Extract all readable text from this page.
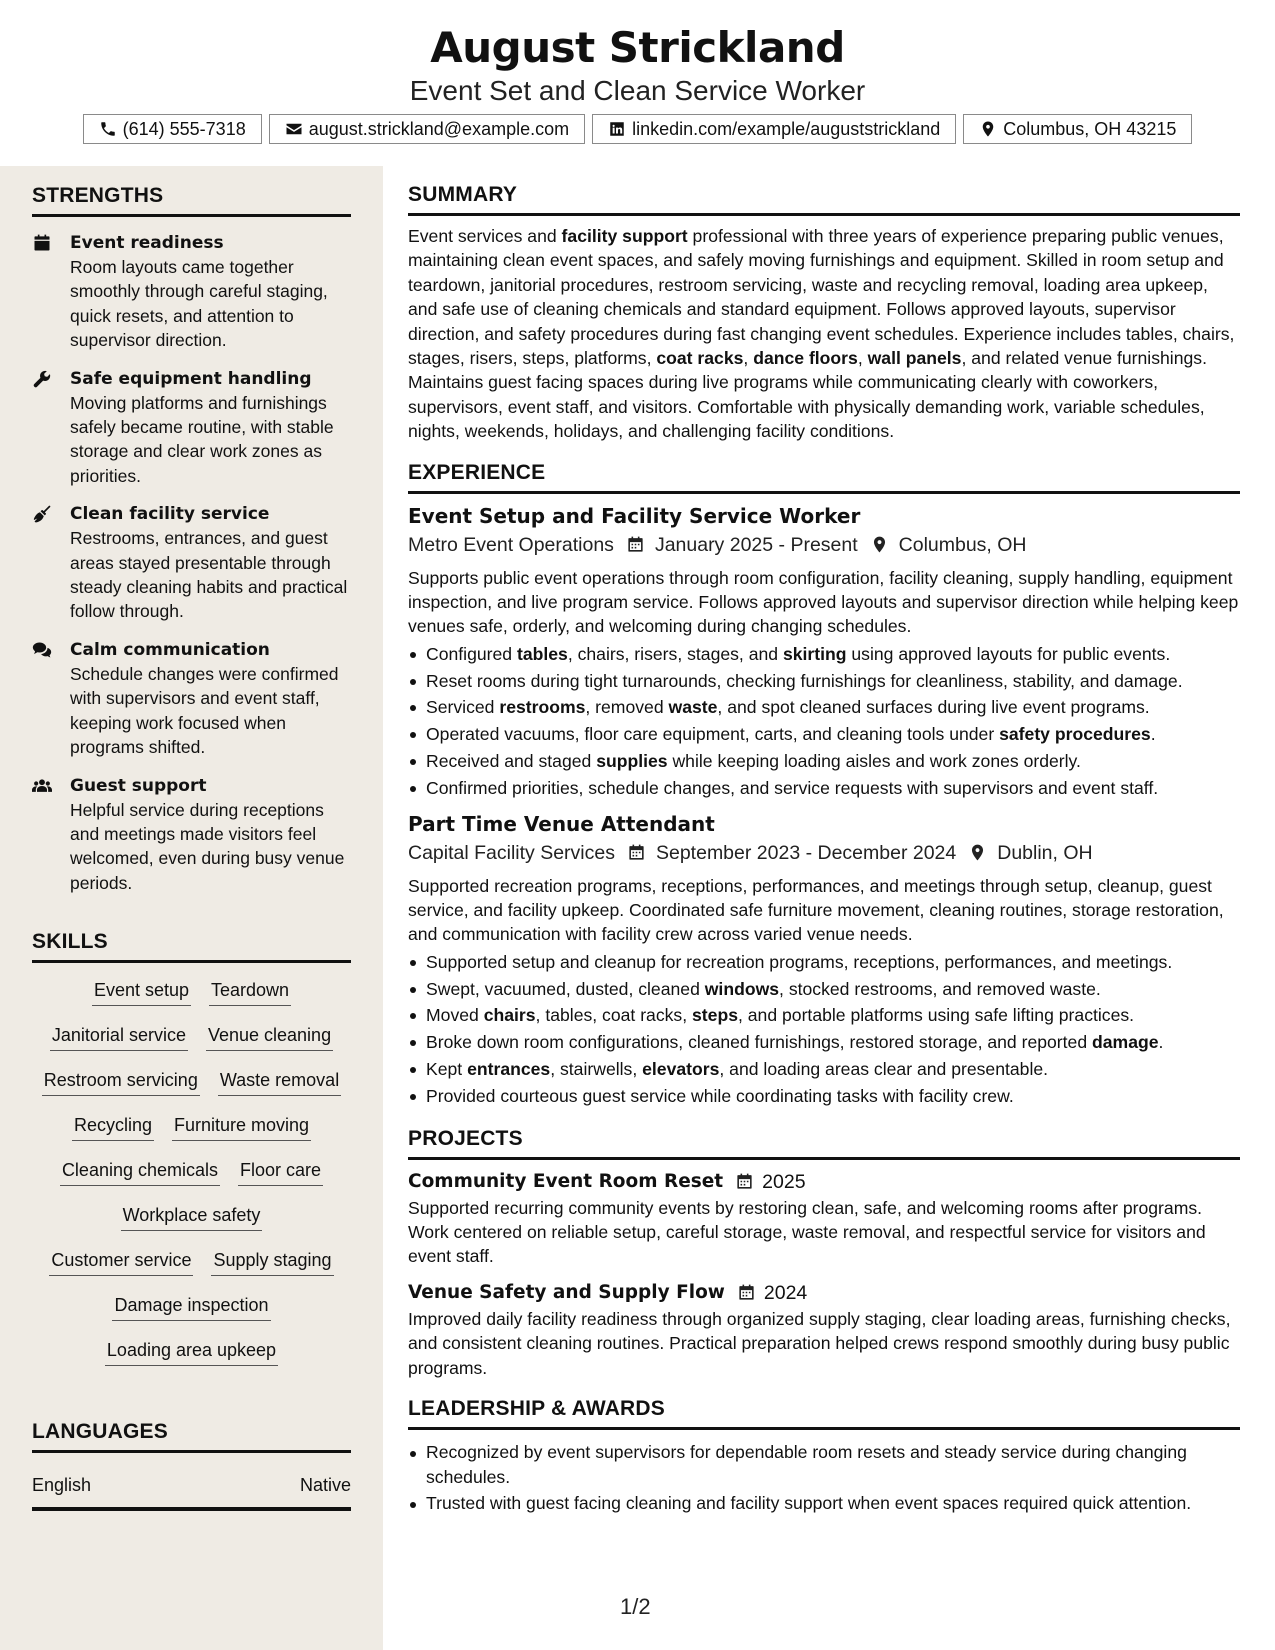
August Strickland
Event Set and Clean Service Worker
(614) 555-7318	august.strickland@example.com	linkedin.com/example/auguststrickland	Columbus, OH 43215
STRENGTHS
Event readiness
Room layouts came together smoothly through careful staging, quick resets, and attention to supervisor direction.
Safe equipment handling
Moving platforms and furnishings safely became routine, with stable storage and clear work zones as priorities.
Clean facility service
Restrooms, entrances, and guest areas stayed presentable through steady cleaning habits and practical follow through.
Calm communication
Schedule changes were confirmed with supervisors and event staff, keeping work focused when programs shifted.
Guest support
Helpful service during receptions and meetings made visitors feel welcomed, even during busy venue periods.
SKILLS
Event setup Teardown
Janitorial service Venue cleaning
Restroom servicing Waste removal
Recycling Furniture moving
Cleaning chemicals Floor care
Workplace safety
Customer service Supply staging
Damage inspection
Loading area upkeep
LANGUAGES
English	Native
SUMMARY
Event services and facility support professional with three years of experience preparing public venues, maintaining clean event spaces, and safely moving furnishings and equipment. Skilled in room setup and teardown, janitorial procedures, restroom servicing, waste and recycling removal, loading area upkeep, and safe use of cleaning chemicals and standard equipment. Follows approved layouts, supervisor direction, and safety procedures during fast changing event schedules. Experience includes tables, chairs, stages, risers, steps, platforms, coat racks, dance floors, wall panels, and related venue furnishings. Maintains guest facing spaces during live programs while communicating clearly with coworkers, supervisors, event staff, and visitors. Comfortable with physically demanding work, variable schedules, nights, weekends, holidays, and challenging facility conditions.
EXPERIENCE
Event Setup and Facility Service Worker
Metro Event Operations January 2025 - Present Columbus, OH
Supports public event operations through room configuration, facility cleaning, supply handling, equipment inspection, and live program service. Follows approved layouts and supervisor direction while helping keep venues safe, orderly, and welcoming during changing schedules.
Configured tables, chairs, risers, stages, and skirting using approved layouts for public events.
Reset rooms during tight turnarounds, checking furnishings for cleanliness, stability, and damage.
Serviced restrooms, removed waste, and spot cleaned surfaces during live event programs.
Operated vacuums, floor care equipment, carts, and cleaning tools under safety procedures.
Received and staged supplies while keeping loading aisles and work zones orderly.
Confirmed priorities, schedule changes, and service requests with supervisors and event staff.
Part Time Venue Attendant
Capital Facility Services September 2023 - December 2024 Dublin, OH
Supported recreation programs, receptions, performances, and meetings through setup, cleanup, guest service, and facility upkeep. Coordinated safe furniture movement, cleaning routines, storage restoration, and communication with facility crew across varied venue needs.
Supported setup and cleanup for recreation programs, receptions, performances, and meetings.
Swept, vacuumed, dusted, cleaned windows, stocked restrooms, and removed waste.
Moved chairs, tables, coat racks, steps, and portable platforms using safe lifting practices.
Broke down room configurations, cleaned furnishings, restored storage, and reported damage.
Kept entrances, stairwells, elevators, and loading areas clear and presentable.
Provided courteous guest service while coordinating tasks with facility crew.
PROJECTS
Community Event Room Reset 2025
Supported recurring community events by restoring clean, safe, and welcoming rooms after programs. Work centered on reliable setup, careful storage, waste removal, and respectful service for visitors and event staff.
Venue Safety and Supply Flow 2024
Improved daily facility readiness through organized supply staging, clear loading areas, furnishing checks, and consistent cleaning routines. Practical preparation helped crews respond smoothly during busy public programs.
LEADERSHIP & AWARDS
Recognized by event supervisors for dependable room resets and steady service during changing schedules.
Trusted with guest facing cleaning and facility support when event spaces required quick attention.
1/2
